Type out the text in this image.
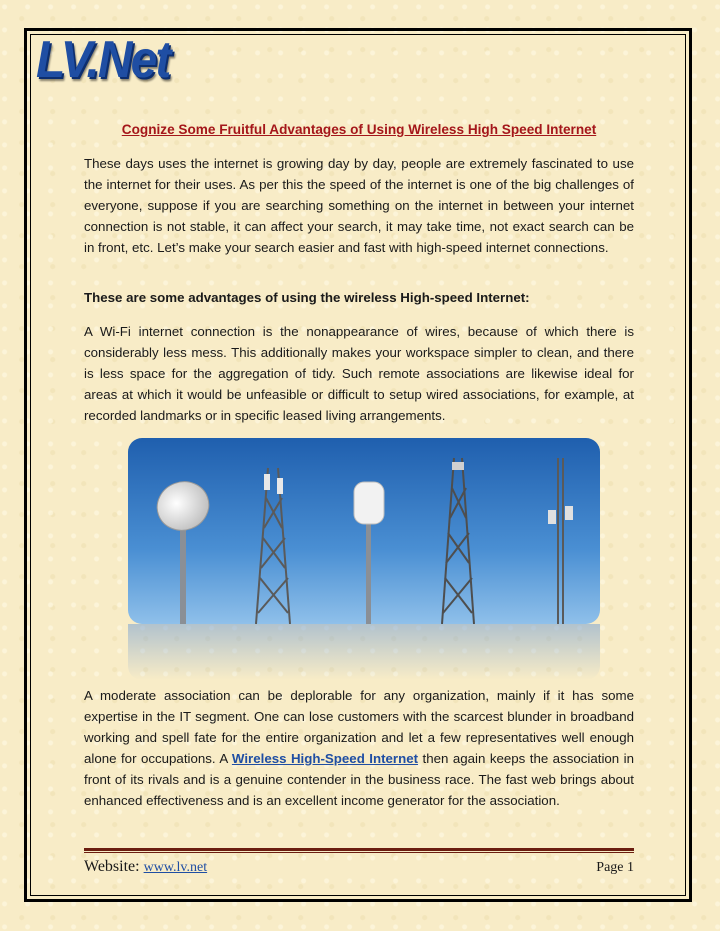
LV.Net
Cognize Some Fruitful Advantages of Using Wireless High Speed Internet

These days uses the internet is growing day by day, people are extremely fascinated to use the internet for their uses. As per this the speed of the internet is one of the big challenges of everyone, suppose if you are searching something on the internet in between your internet connection is not stable, it can affect your search, it may take time, not exact search can be in front, etc. Let’s make your search easier and fast with high-speed internet connections.

These are some advantages of using the wireless High-speed Internet:

A Wi-Fi internet connection is the nonappearance of wires, because of which there is considerably less mess. This additionally makes your workspace simpler to clean, and there is less space for the aggregation of tidy. Such remote associations are likewise ideal for areas at which it would be unfeasible or difficult to setup wired associations, for example, at recorded landmarks or in specific leased living arrangements.

A moderate association can be deplorable for any organization, mainly if it has some expertise in the IT segment. One can lose customers with the scarcest blunder in broadband working and spell fate for the entire organization and let a few representatives well enough alone for occupations. A Wireless High-Speed Internet then again keeps the association in front of its rivals and is a genuine contender in the business race. The fast web brings about enhanced effectiveness and is an excellent income generator for the association.

Website: www.lv.net	Page 1
